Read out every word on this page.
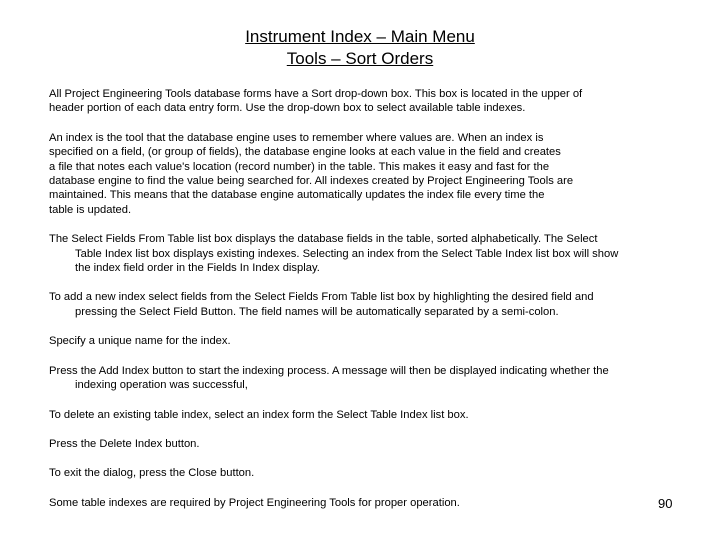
Instrument Index – Main Menu
Tools – Sort Orders

All Project Engineering Tools database forms have a Sort drop-down box. This box is located in the upper of
header portion of each data entry form. Use the drop-down box to select available table indexes.

An index is the tool that the database engine uses to remember where values are. When an index is
specified on a field, (or group of fields), the database engine looks at each value in the field and creates
a file that notes each value's location (record number) in the table. This makes it easy and fast for the
database engine to find the value being searched for. All indexes created by Project Engineering Tools are
maintained. This means that the database engine automatically updates the index file every time the
table is updated.

The Select Fields From Table list box displays the database fields in the table, sorted alphabetically. The Select
Table Index list box displays existing indexes. Selecting an index from the Select Table Index list box will show
the index field order in the Fields In Index display.

To add a new index select fields from the Select Fields From Table list box by highlighting the desired field and
pressing the Select Field Button. The field names will be automatically separated by a semi-colon.

Specify a unique name for the index.

Press the Add Index button to start the indexing process. A message will then be displayed indicating whether the
indexing operation was successful,

To delete an existing table index, select an index form the Select Table Index list box.

Press the Delete Index button.

To exit the dialog, press the Close button.

Some table indexes are required by Project Engineering Tools for proper operation.	90
